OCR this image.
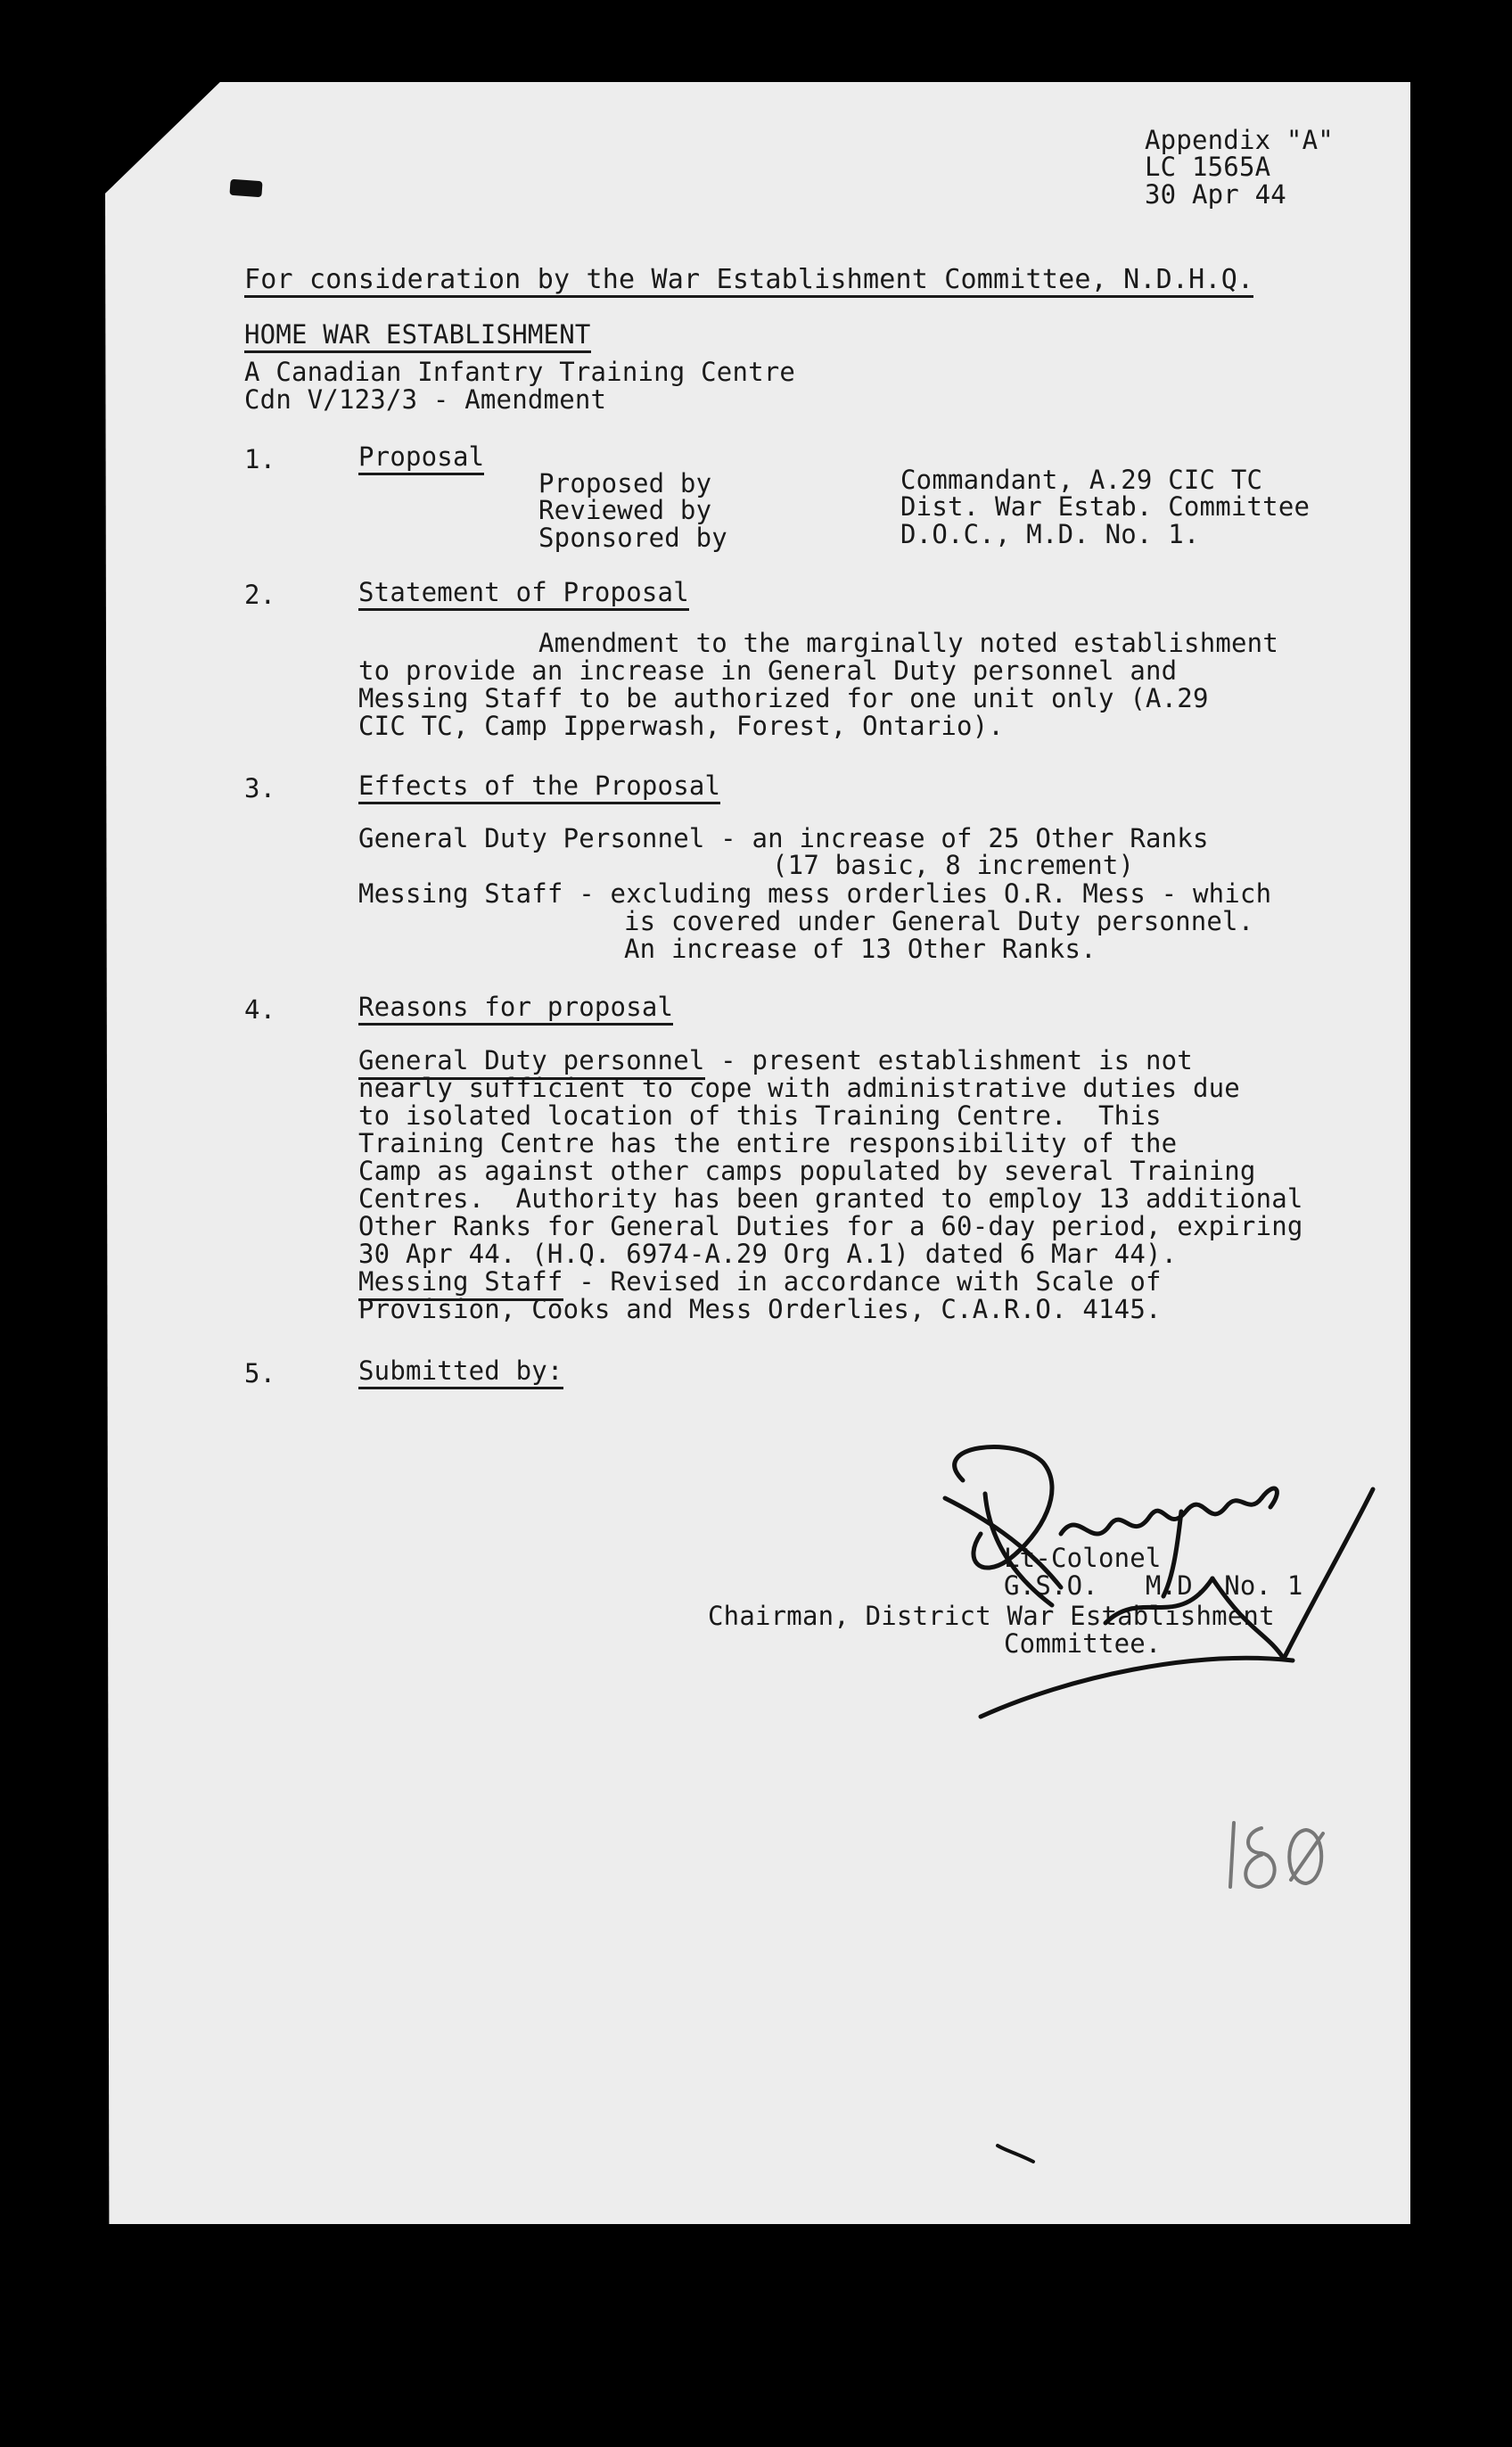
Appendix "A"
LC 1565A
30 Apr 44
For consideration by the War Establishment Committee, N.D.H.Q.
HOME WAR ESTABLISHMENT
A Canadian Infantry Training Centre
Cdn V/123/3 - Amendment
1.	Proposal
Proposed by	Commandant, A.29 CIC TC
Reviewed by	Dist. War Estab. Committee
Sponsored by	D.O.C., M.D. No. 1.
2.	Statement of Proposal
Amendment to the marginally noted establishment
to provide an increase in General Duty personnel and
Messing Staff to be authorized for one unit only (A.29
CIC TC, Camp Ipperwash, Forest, Ontario).
3.	Effects of the Proposal
General Duty Personnel - an increase of 25 Other Ranks
(17 basic, 8 increment)
Messing Staff - excluding mess orderlies O.R. Mess - which
is covered under General Duty personnel.
An increase of 13 Other Ranks.
4.	Reasons for proposal
General Duty personnel - present establishment is not
nearly sufficient to cope with administrative duties due
to isolated location of this Training Centre.  This
Training Centre has the entire responsibility of the
Camp as against other camps populated by several Training
Centres.  Authority has been granted to employ 13 additional
Other Ranks for General Duties for a 60-day period, expiring
30 Apr 44. (H.Q. 6974-A.29 Org A.1) dated 6 Mar 44).
Messing Staff - Revised in accordance with Scale of
Provision, Cooks and Mess Orderlies, C.A.R.O. 4145.
5.	Submitted by:
Lt-Colonel
G.S.O.   M.D. No. 1
Chairman, District War Establishment
Committee.
